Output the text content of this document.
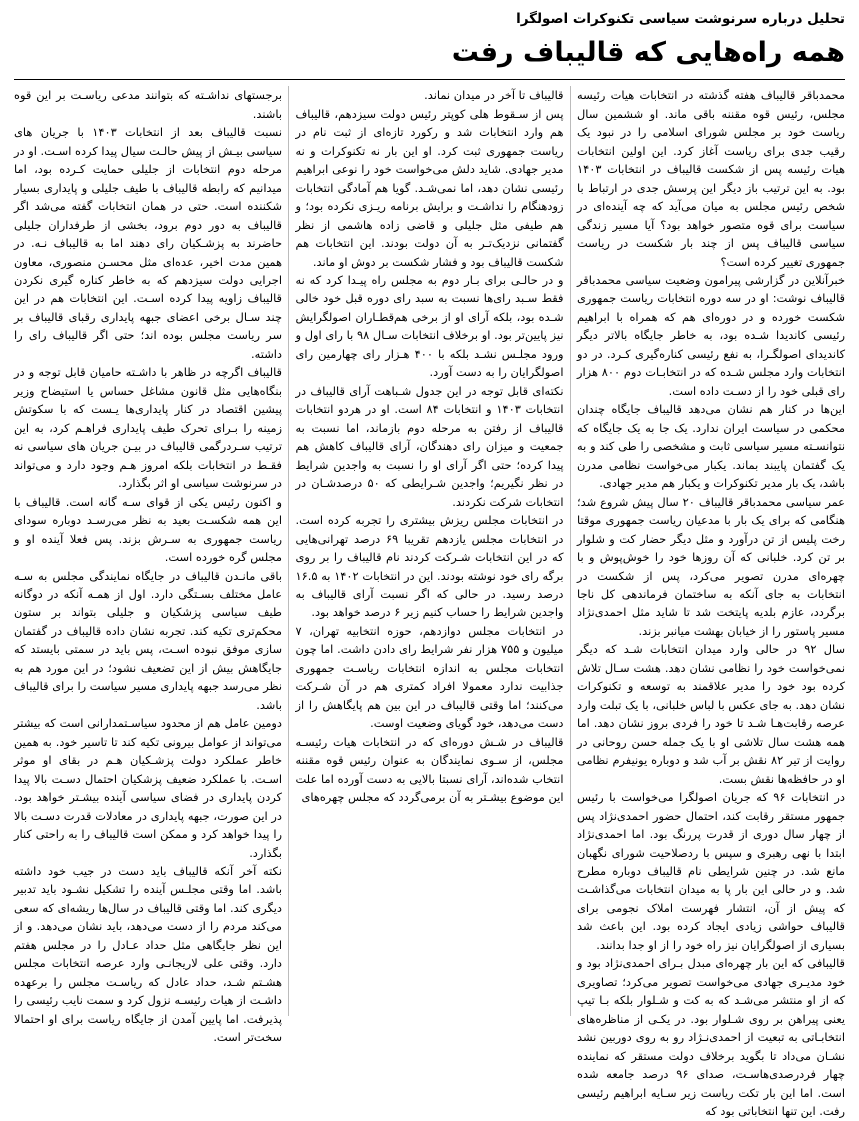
تحلیل درباره سرنوشت سیاسی تکنوکرات اصولگرا
همه راه‌هایی که قالیباف رفت

محمدباقر قالیباف هفته گذشته در انتخابات هیات رئیسه مجلس، رئیس قوه مقننه باقی ماند. او ششمین سال ریاست خود بر مجلس شورای اسلامی را در نبود یک رقیب جدی برای ریاست آغاز کرد. این اولین انتخابات هیات رئیسه پس از شکست قالیباف در انتخابات ۱۴۰۳ بود. به این ترتیب باز دیگر این پرسش جدی در ارتباط با شخص رئیس مجلس به میان می‌آید که چه آینده‌ای در سیاست برای قوه متصور خواهد بود؟ آیا مسیر زندگی سیاسی قالیباف پس از چند بار شکست در ریاست جمهوری تغییر کرده است؟

خبرآنلاین در گزارشی پیرامون وضعیت سیاسی محمدباقر قالیباف نوشت: او در سه دوره انتخابات ریاست جمهوری شکست خورده و در دوره‌ای هم که همراه با ابراهیم رئیسی کاندیدا شـده بود، به خاطر جایگاه بالاتر دیگر کاندیدای اصولگـرا، به نفع رئیسی کناره‌گیری کـرد. در دو انتخابات وارد مجلس شـده که در انتخابـات دوم ۸۰۰ هزار رای قبلی خود را از دسـت داده است.

این‌ها در کنار هم نشان می‌دهد قالیباف جایگاه چندان محکمی در سیاست ایران ندارد. یک جا به یک جایگاه که نتوانسـته مسیر سیاسی ثابت و مشخصی را طی کند و به یک گفتمان پایبند بماند. یکبار می‌خواست نظامی مدرن باشد، یک بار مدیر تکنوکرات و یکبار هم مدیر جهادی.

عمر سیاسی محمدباقر قالیباف ۲۰ سال پیش شروع شد؛ هنگامی که برای یک بار با مدعیان ریاست جمهوری موقتا رخت پلیس از تن درآورد و مثل دیگر حضار کت و شلوار بر تن کرد. خلبانی که آن روز‌ها خود را خوش‌پوش و با چهره‌ای مدرن تصویر می‌کرد، پس از شکست در انتخابات به جای آنکه به ساختمان فرماندهی کل ناجا برگردد، عازم بلدیه پایتخت شد تا شاید مثل احمدی‌نژاد مسیر پاستور را از خیابان بهشت میانبر بزند.

سال ۹۲ در حالی وارد میدان انتخابات شـد که دیگر نمی‌خواست خود را نظامی نشان دهد. هشت سـال تلاش کرده بود خود را مدیر علاقمند به توسعه و تکنوکرات نشان دهد. به جای عکس با لباس خلبانی، با یک تبلت وارد عرصه رقابت‌هـا شـد تا خود را فردی بروز نشان دهد. اما همه هشت سال تلاشی او با یک جمله حسن روحانی در روایت از تیر ۸۲ نقش بر آب شد و دوباره یونیفرم نظامی او در حافظه‌ها نقش بست.

در انتخابات ۹۶ که جریان اصولگرا می‌خواست با رئیس جمهور مستقر رقابت کند، احتمال حضور احمدی‌نژاد پس از چهار سال دوری از قدرت پررنگ بود. اما احمدی‌نژاد ابتدا با نهی رهبری و سپس با ردصلاحیت شورای نگهبان مانع شد. در چنین شرایطی نام قالیباف دوباره مطرح شد. و در حالی این بار پا به میدان انتخابات می‌گذاشـت که پیش از آن، انتشار فهرست املاک نجومی برای قالیباف حواشی زیادی ایجاد کرده بود. این باعث شد بسیاری از اصولگرایان نیز راه خود را از او جدا بدانند.

قالیبافی که این بار چهره‌ای مبدل بـرای احمدی‌نژاد بود و خود مدیـری جهادی می‌خواست تصویر می‌کرد؛ تصاویری که از او منتشر می‌شـد که به کت و شـلوار بلکه بـا تیپ یعنی پیراهن بر روی شـلوار بود. در یکـی از مناظره‌های انتخابـاتی به تبعیت از احمدی‌نـژاد رو به روی دوربین نشد نشـان می‌داد تا بگوید برخلاف دولت مستقر که نماینده چهار فردرصدی‌هاسـت، صدای ۹۶ درصد جامعه شده است. اما این بار تکت ریاست زیر سـایه ابراهیم رئیسی رفت. این تنها انتخاباتی بود که

قالیباف تا آخر در میدان نماند.

پس از سـقوط هلی کوپتر رئیس دولت سیزدهم، قالیباف هم وارد انتخابات شد و رکورد تازه‌ای از ثبت نام در ریاست جمهوری ثبت کرد. او این بار نه تکنوکرات و نه مدیر جهادی. شاید دلش می‌خواست خود را نوعی ابراهیم رئیسی نشان دهد، اما نمی‌شـد. گویا هم آمادگی انتخابات زودهنگام را نداشـت و برایش برنامه ریـزی نکرده بود؛ و هم طیفی مثل جلیلی و قاضی زاده هاشمی از نظر گفتمانی نزدیک‌تـر به آن دولت بودند. این انتخابات هم شکست قالیباف بود و فشار شکست بر دوش او ماند.

و در حالـی برای بـار دوم به مجلس راه پیـدا کرد که نه فقط سـبد رای‌ها نسبت به سبد رای دوره قبل خود خالی شـده بود، بلکه آرای او از برخی هم‌قطـاران اصولگرایش نیز پایین‌تر بود. او برخلاف انتخابات سـال ۹۸ با رای اول و ورود مجلـس نشـد بلکه با ۴۰۰ هـزار رای چهارمین رای اصولگرایان را به دست آورد.

نکته‌ای قابل توجه در این جدول شـباهت آرای قالیباف در انتخابات ۱۴۰۳ و انتخابات ۸۴ است. او در هردو انتخابات قالیباف از رفتن به مرحله دوم بازماند، اما نسبت به جمعیت و میزان رای دهندگان، آرای قالیباف کاهش هم پیدا کرده؛ حتی اگر آرای او را نسبت به واجدین شرایط در نظر نگیریم؛ واجدین شـرایطی که ۵۰ درصدشـان در انتخابات شرکت نکردند.

در انتخابات مجلس ریزش بیشتری را تجربه کرده است. در انتخابات مجلس یازدهم تقریبا ۶۹ درصد تهرانی‌هایی که در این انتخابات شـرکت کردند نام قالیباف را بر روی برگه رای خود نوشته بودند. این در انتخابات ۱۴۰۲ به ۱۶.۵ درصد رسید. در حالی که اگر نسبت آرای قالیباف به واجدین شرایط را حساب کنیم زیر ۶ درصد خواهد بود.

در انتخابات مجلس دوازدهم، حوزه انتخابیه تهران، ۷ میلیون و ۷۵۵ هزار نفر شرایط رای دادن داشت. اما چون انتخابات مجلس به اندازه انتخابات ریاسـت جمهوری جذابیت ندارد معمولا افراد کمتری هم در آن شـرکت می‌کنند؛ اما وقتی قالیباف در این بین هم پایگاهش را از دست می‌دهد، خود گویای وضعیت اوست.

قالیباف در شـش دوره‌ای که در انتخابات هیات رئیسـه مجلس، از سـوی نمایندگان به عنوان رئیس قوه مقننه انتخاب شده‌اند، آرای نسبتا بالایی به دست آورده اما علت این موضوع بیشـتر به آن برمی‌گردد که مجلس چهره‌های

برجستهای نداشـته که بتوانند مدعی ریاسـت بر این قوه باشند.

نسبت قالیباف بعد از انتخابات ۱۴۰۳ با جریان های سیاسی بیـش از پیش حالـت سیال پیدا کرده اسـت. او در مرحله دوم انتخابات از جلیلی حمایت کـرده بود، اما میدانیم که رابطه قالیباف با طیف جلیلی و پایداری بسیار شکننده است. حتی در همان انتخابات گفته می‌شد اگر قالیباف به دور دوم برود، بخشی از طرفداران جلیلی حاضرند به پزشـکیان رای دهند اما به قالیباف نـه. در همین مدت اخیر، عده‌ای مثل محسـن منصوری، معاون اجرایی دولت سیزدهم که به خاطر کناره گیری نکردن قالیباف زاویه پیدا کرده اسـت. این انتخابات هم در این چند سـال برخی اعضای جبهه پایداری رقبای قالیباف بر سر ریاست مجلس بوده اند؛ حتی اگر قالیباف رای را داشته.

قالیباف اگرچه در ظاهر با داشـته حامیان قابل توجه و در بنگاه‌هایی مثل قانون مشاغل حساس یا استیضاح وزیر پیشین اقتصاد در کنار پایداری‌ها یـست که با سکوتش زمینه را بـرای تحرک طیف پایداری فراهـم کرد، به این ترتیب سـردرگمی قالیباف در بیـن جریان های سیاسی نه فقـط در انتخابات بلکه امروز هـم وجود دارد و می‌تواند در سرنوشت سیاسی او اثر بگذارد.

و اکنون رئیس یکی از قوای سـه گانه است. قالیباف با این همه شکسـت بعید به نظر می‌رسـد دوباره سودای ریاست جمهوری به سـرش بزند. پس فعلا آینده او و مجلس گره خورده است.

باقی مانـدن قالیباف در جایگاه نمایندگی مجلس به سـه عامل مختلف بسـتگی دارد. اول از همـه آنکه در دوگانه طیف سیاسی پزشکیان و جلیلی بتواند بر ستون محکم‌تری تکیه کند. تجربه نشان داده قالیباف در گفتمان سازی موفق نبوده اسـت، پس باید در سمتی بایستد که جایگاهش بیش از این تضعیف نشود؛ در این مورد هم به نظر می‌رسد جبهه پایداری مسیر سیاست را برای قالیباف باشد.

دومین عامل هم از محدود سیاسـتمدارانی است که بیشتر می‌تواند از عوامل بیرونی تکیه کند تا تاسیر خود. به همین خاطر عملکرد دولت پزشـکیان هـم در بقای او موثر اسـت. با عملکرد ضعیف پزشکیان احتمال دسـت بالا پیدا کردن پایداری در فضای سیاسی آینده بیشـتر خواهد بود. در این صورت، جبهه پایداری در معادلات قدرت دسـت بالا را پیدا خواهد کرد و ممکن است قالیباف را به راحتی کنار بگذارد.

نکته آخر آنکه قالیباف باید دست در جیب خود داشته باشد. اما وقتی مجلـس آینده را تشکیل نشـود باید تدبیر دیگری کند. اما وقتی قالیباف در سال‌ها ریشه‌ای که سعی می‌کند مردم را از دست می‌دهد، باید نشان می‌دهد. و از این نظر جایگاهی مثل حداد عـادل را در مجلس هفتم دارد. وقتی علی لاریجانـی وارد عرصه انتخابات مجلس هشـتم شـد، حداد عادل که ریاسـت مجلس را برعهده داشـت از هیات رئیسـه نزول کرد و سمت نایب رئیسی را پذیرفت. اما پایین آمدن از جایگاه ریاست برای او احتمالا سخت‌تر است.
